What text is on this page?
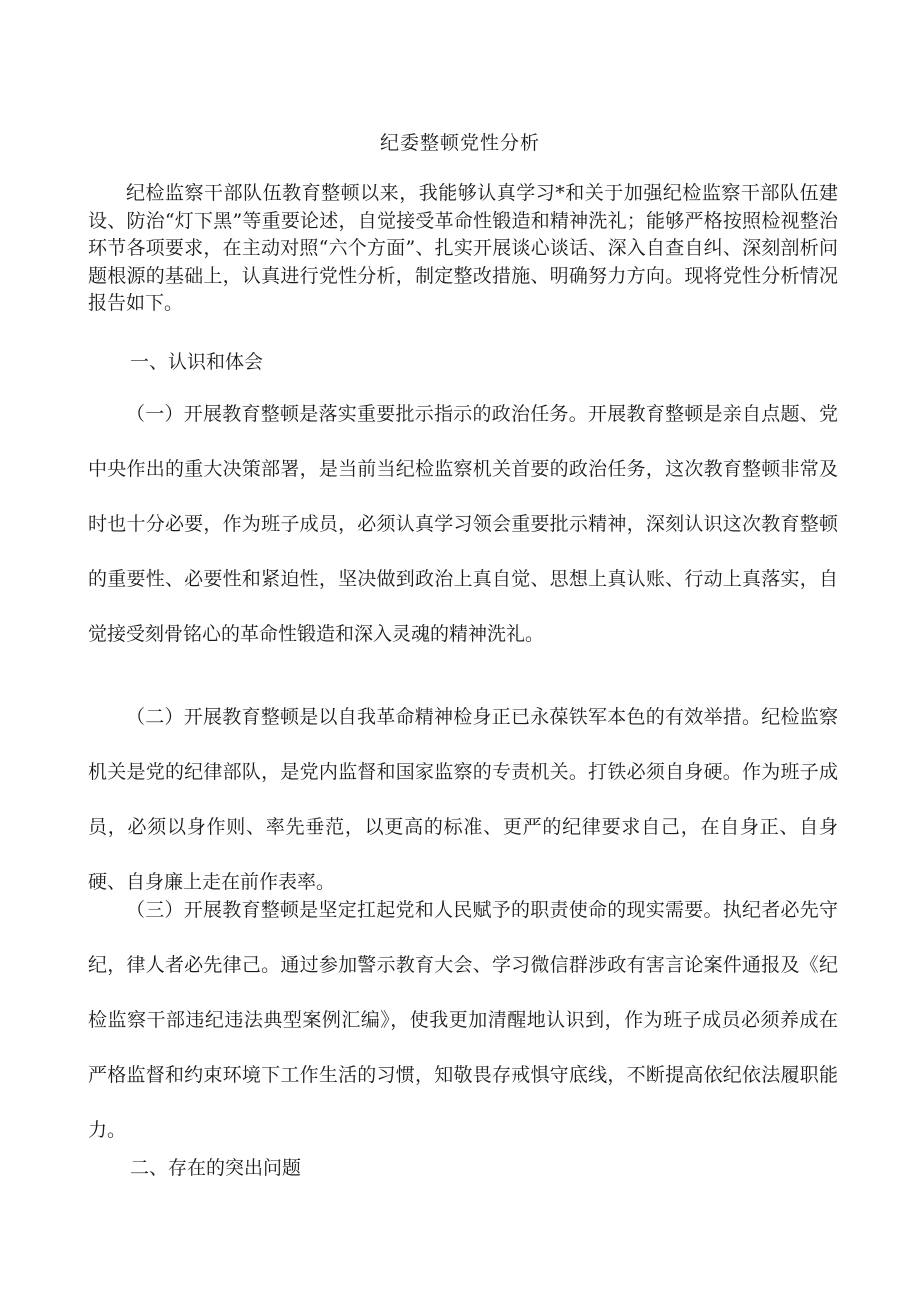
纪委整顿党性分析

纪检监察干部队伍教育整顿以来，我能够认真学习*和关于加强纪检监察干部队伍建设、防治“灯下黑”等重要论述，自觉接受革命性锻造和精神洗礼；能够严格按照检视整治环节各项要求，在主动对照“六个方面”、扎实开展谈心谈话、深入自查自纠、深刻剖析问题根源的基础上，认真进行党性分析，制定整改措施、明确努力方向。现将党性分析情况报告如下。

一、认识和体会

（一）开展教育整顿是落实重要批示指示的政治任务。开展教育整顿是亲自点题、党中央作出的重大决策部署，是当前当纪检监察机关首要的政治任务，这次教育整顿非常及时也十分必要，作为班子成员，必须认真学习领会重要批示精神，深刻认识这次教育整顿的重要性、必要性和紧迫性，坚决做到政治上真自觉、思想上真认账、行动上真落实，自觉接受刻骨铭心的革命性锻造和深入灵魂的精神洗礼。

（二）开展教育整顿是以自我革命精神检身正已永葆铁军本色的有效举措。纪检监察机关是党的纪律部队，是党内监督和国家监察的专责机关。打铁必须自身硬。作为班子成员，必须以身作则、率先垂范，以更高的标准、更严的纪律要求自己，在自身正、自身硬、自身廉上走在前作表率。

（三）开展教育整顿是坚定扛起党和人民赋予的职责使命的现实需要。执纪者必先守纪，律人者必先律己。通过参加警示教育大会、学习微信群涉政有害言论案件通报及《纪检监察干部违纪违法典型案例汇编》，使我更加清醒地认识到，作为班子成员必须养成在严格监督和约束环境下工作生活的习惯，知敬畏存戒惧守底线，不断提高依纪依法履职能力。

二、存在的突出问题
